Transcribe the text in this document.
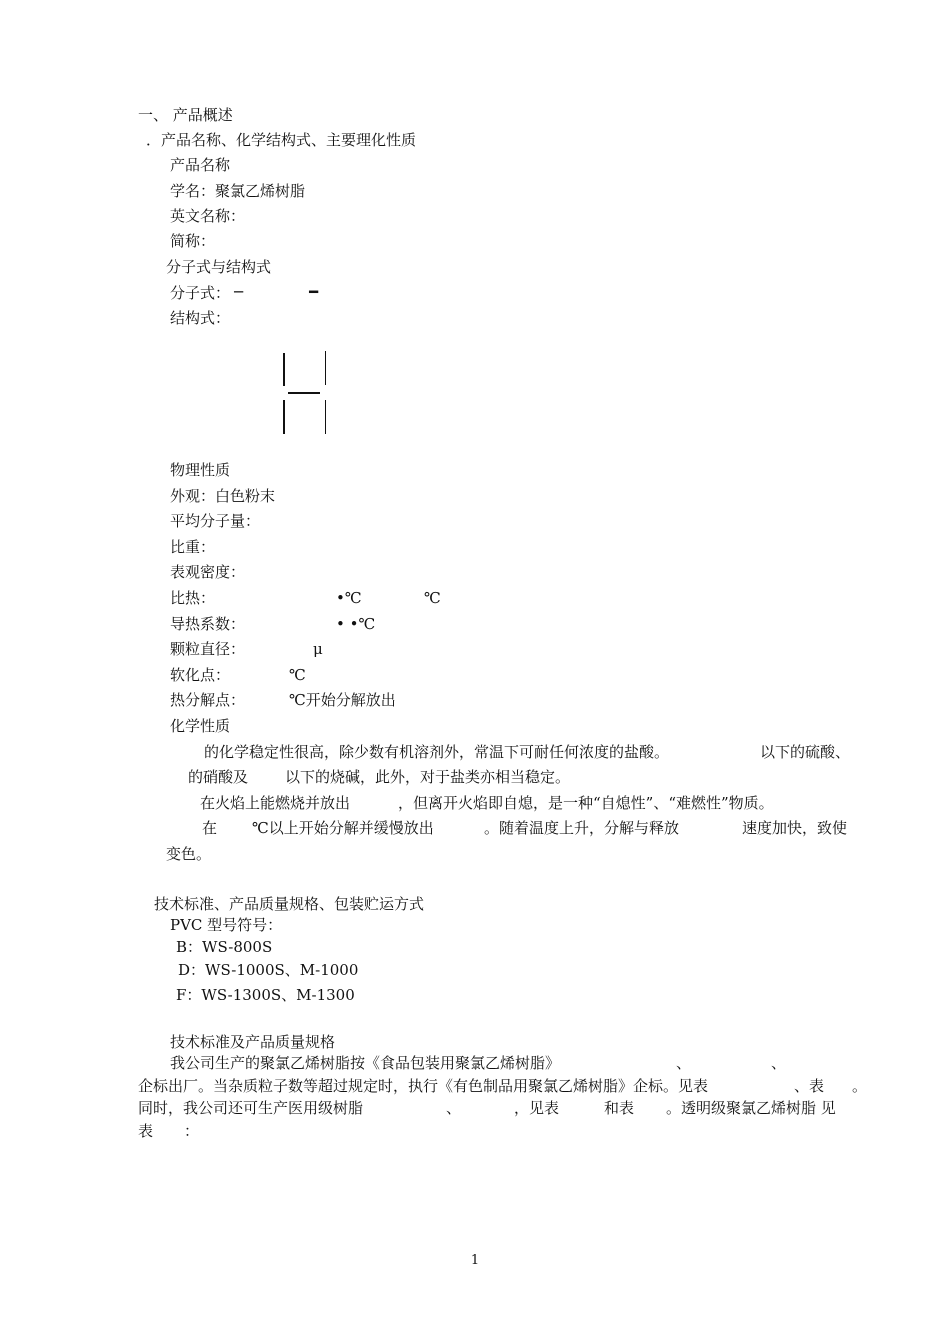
一、 产品概述
．产品名称、化学结构式、主要理化性质
产品名称
学名：聚氯乙烯树脂
英文名称：
简称：
分子式与结构式
分子式： ─	━
结构式：
物理性质
外观：白色粉末
平均分子量：
比重：
表观密度：
比热：	•℃	℃
导热系数：	• •℃
颗粒直径：	μ
软化点：	℃
热分解点：	℃开始分解放出
化学性质
的化学稳定性很高，除少数有机溶剂外，常温下可耐任何浓度的盐酸。	以下的硫酸、
的硝酸及 以下的烧碱，此外，对于盐类亦相当稳定。
在火焰上能燃烧并放出	，但离开火焰即自熄，是一种“自熄性”、“难燃性”物质。
在 ℃以上开始分解并缓慢放出	。随着温度上升，分解与释放	速度加快，致使
变色。
技术标准、产品质量规格、包装贮运方式
PVC 型号符号：
B：WS-800S
D：WS-1000S、M-1000
F：WS-1300S、M-1300
技术标准及产品质量规格
我公司生产的聚氯乙烯树脂按《食品包装用聚氯乙烯树脂》	、	、
企标出厂。当杂质粒子数等超过规定时，执行《有色制品用聚氯乙烯树脂》企标。见表	、表 。
同时，我公司还可生产医用级树脂	、	，见表	和表 。透明级聚氯乙烯树脂 见
表 ：
1
